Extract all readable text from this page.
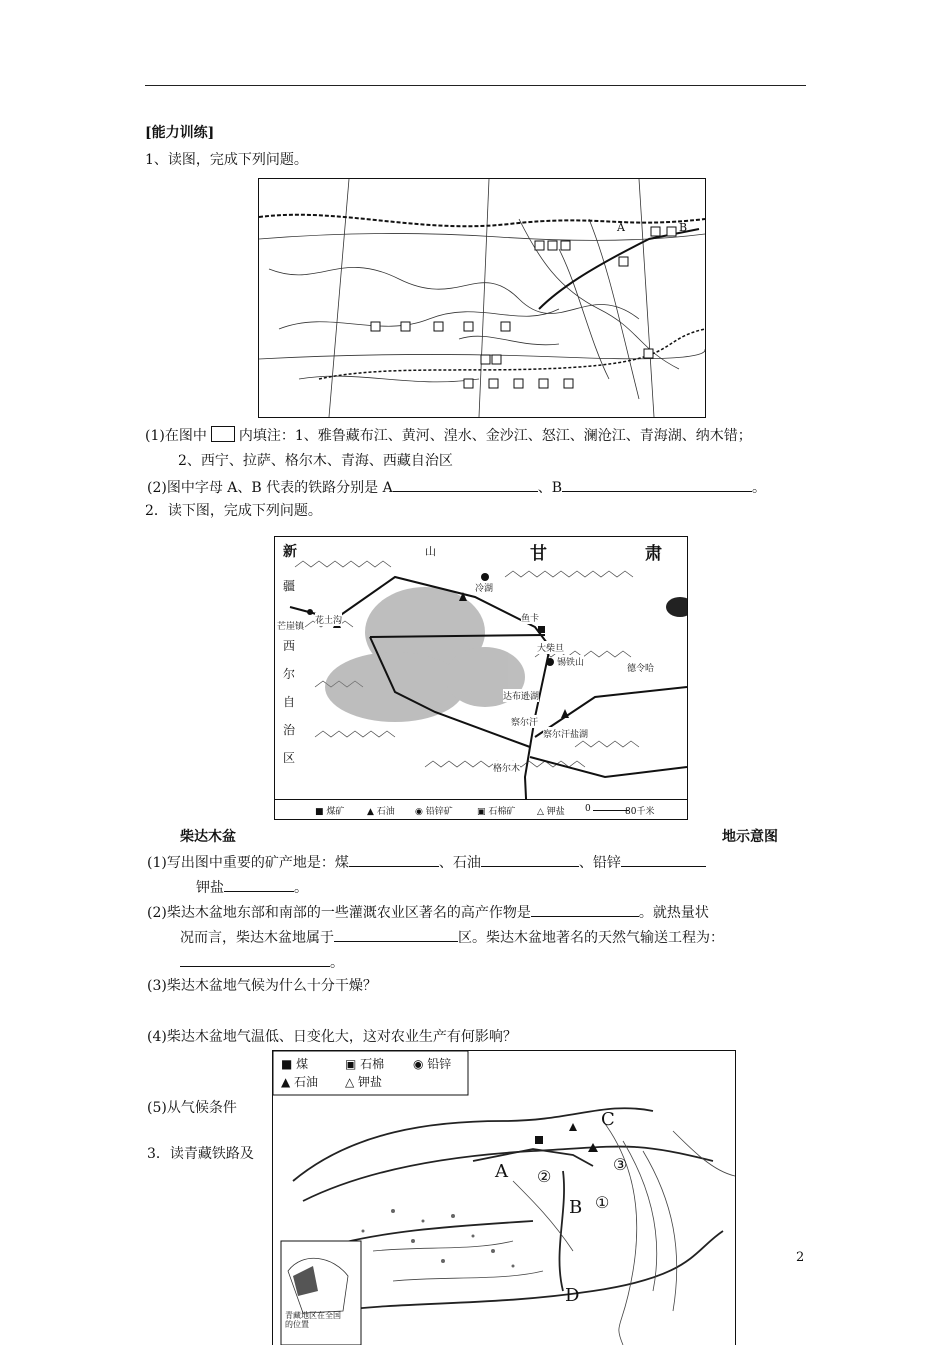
[能力训练]
1、读图，完成下列问题。
A	B
(1)在图中 内填注：1、雅鲁藏布江、黄河、湟水、金沙江、怒江、澜沧江、青海湖、纳木错；
2、西宁、拉萨、格尔木、青海、西藏自治区
(2)图中字母 A、B 代表的铁路分别是 A	、B	。
2．读下图，完成下列问题。
新	甘	肃
疆
西
尔
自
治
区
山
芒崖镇
花土沟
冷湖
鱼卡
大柴旦
锡铁山
德令哈
达布逊湖
察尔汗
察尔汗盐湖
格尔木
■ 煤矿	▲ 石油 ◉ 铅锌矿	▣ 石棉矿 △ 钾盐 0	80千米
柴达木盆	地示意图
(1)写出图中重要的矿产地是：煤	、石油	、铅锌
钾盐	。
(2)柴达木盆地东部和南部的一些灌溉农业区著名的高产作物是	。就热量状
况而言，柴达木盆地属于	区。柴达木盆地著名的天然气输送工程为：
。
(3)柴达木盆地气候为什么十分干燥？
(4)柴达木盆地气温低、日变化大，这对农业生产有何影响？
(5)从气候条件
3．读青藏铁路及
■ 煤
▲ 石油
▣ 石棉
△ 钾盐
◉ 铅锌
A
B
C
D
①
②
③
青藏地区在全国的位置
2
